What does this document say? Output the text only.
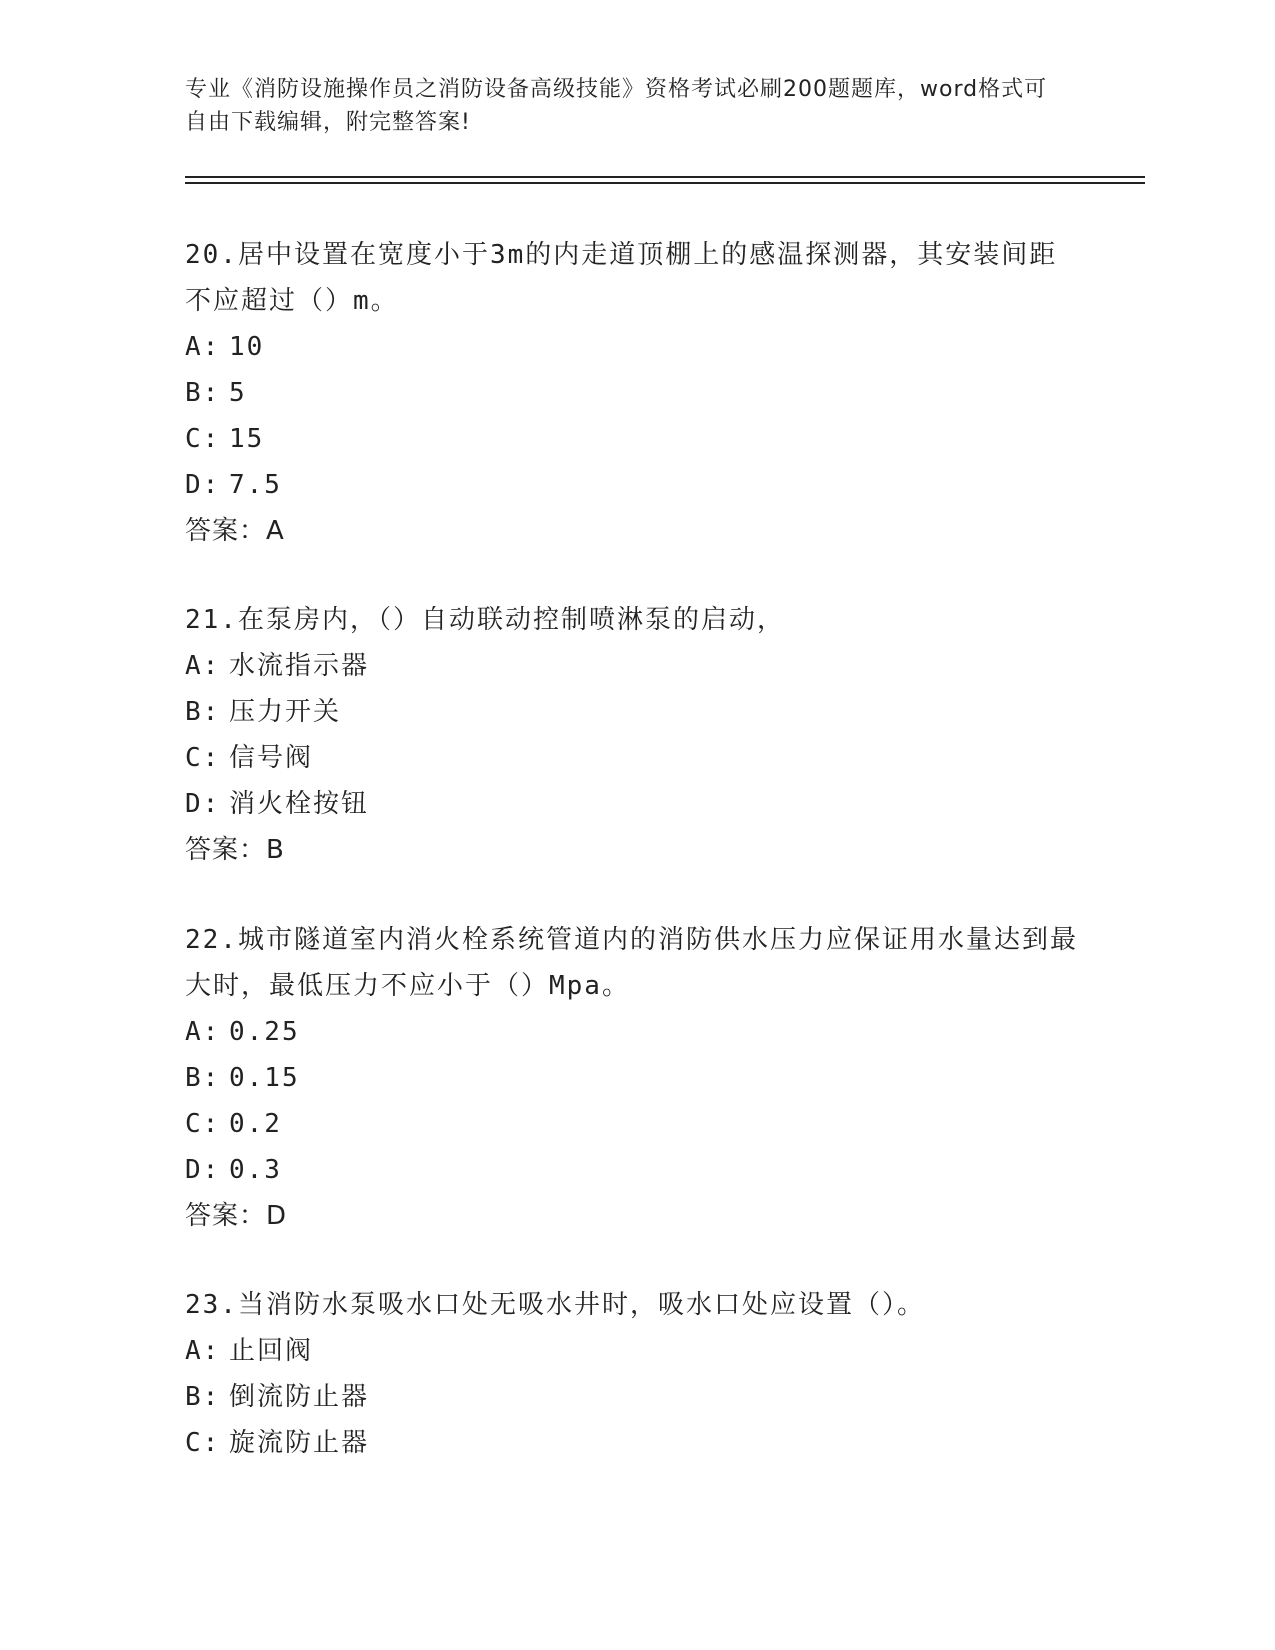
专业《消防设施操作员之消防设备高级技能》资格考试必刷200题题库，word格式可自由下载编辑，附完整答案!

20.居中设置在宽度小于3m的内走道顶棚上的感温探测器，其安装间距不应超过（）m。

A: 10
B: 5
C: 15
D: 7.5
答案：A

21.在泵房内，（）自动联动控制喷淋泵的启动，

A: 水流指示器
B: 压力开关
C: 信号阀
D: 消火栓按钮
答案：B

22.城市隧道室内消火栓系统管道内的消防供水压力应保证用水量达到最大时，最低压力不应小于（）Mpa。

A: 0.25
B: 0.15
C: 0.2
D: 0.3
答案：D

23.当消防水泵吸水口处无吸水井时，吸水口处应设置（）。

A: 止回阀
B: 倒流防止器
C: 旋流防止器
